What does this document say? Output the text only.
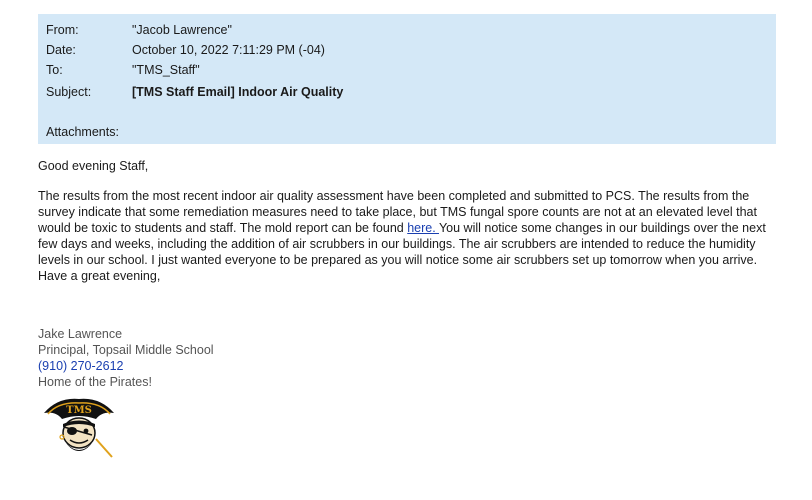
From:	"Jacob Lawrence"
Date:	October 10, 2022 7:11:29 PM (-04)
To:	"TMS_Staff"
Subject:	[TMS Staff Email] Indoor Air Quality
Attachments:

Good evening Staff,

The results from the most recent indoor air quality assessment have been completed and submitted to PCS. The results from the survey indicate that some remediation measures need to take place, but TMS fungal spore counts are not at an elevated level that would be toxic to students and staff. The mold report can be found here. You will notice some changes in our buildings over the next few days and weeks, including the addition of air scrubbers in our buildings. The air scrubbers are intended to reduce the humidity levels in our school. I just wanted everyone to be prepared as you will notice some air scrubbers set up tomorrow when you arrive.

Have a great evening,

Jake Lawrence
Principal, Topsail Middle School
(910) 270-2612
Home of the Pirates!
TMS
